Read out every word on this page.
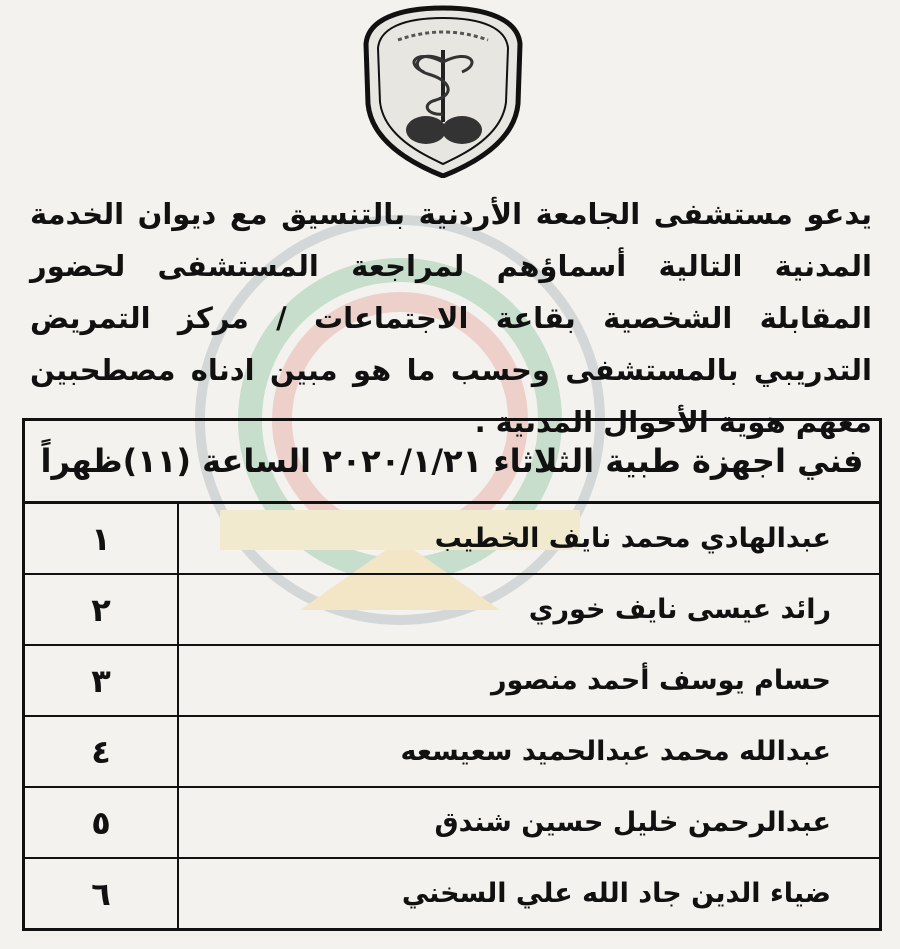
يدعو مستشفى الجامعة الأردنية بالتنسيق مع ديوان الخدمة المدنية التالية أسماؤهم لمراجعة المستشفى لحضور المقابلة الشخصية بقاعة الاجتماعات / مركز التمريض التدريبي بالمستشفى وحسب ما هو مبين ادناه مصطحبين معهم هوية الأحوال المدنية .
فني اجهزة طبية الثلاثاء ٢٠٢٠/١/٢١ الساعة (١١)ظهراً	
عبدالهادي محمد نايف الخطيب	١
رائد عيسى نايف خوري	٢
حسام يوسف أحمد منصور	٣
عبدالله محمد عبدالحميد سعيسعه	٤
عبدالرحمن خليل حسين شندق	٥
ضياء الدين جاد الله علي السخني	٦
